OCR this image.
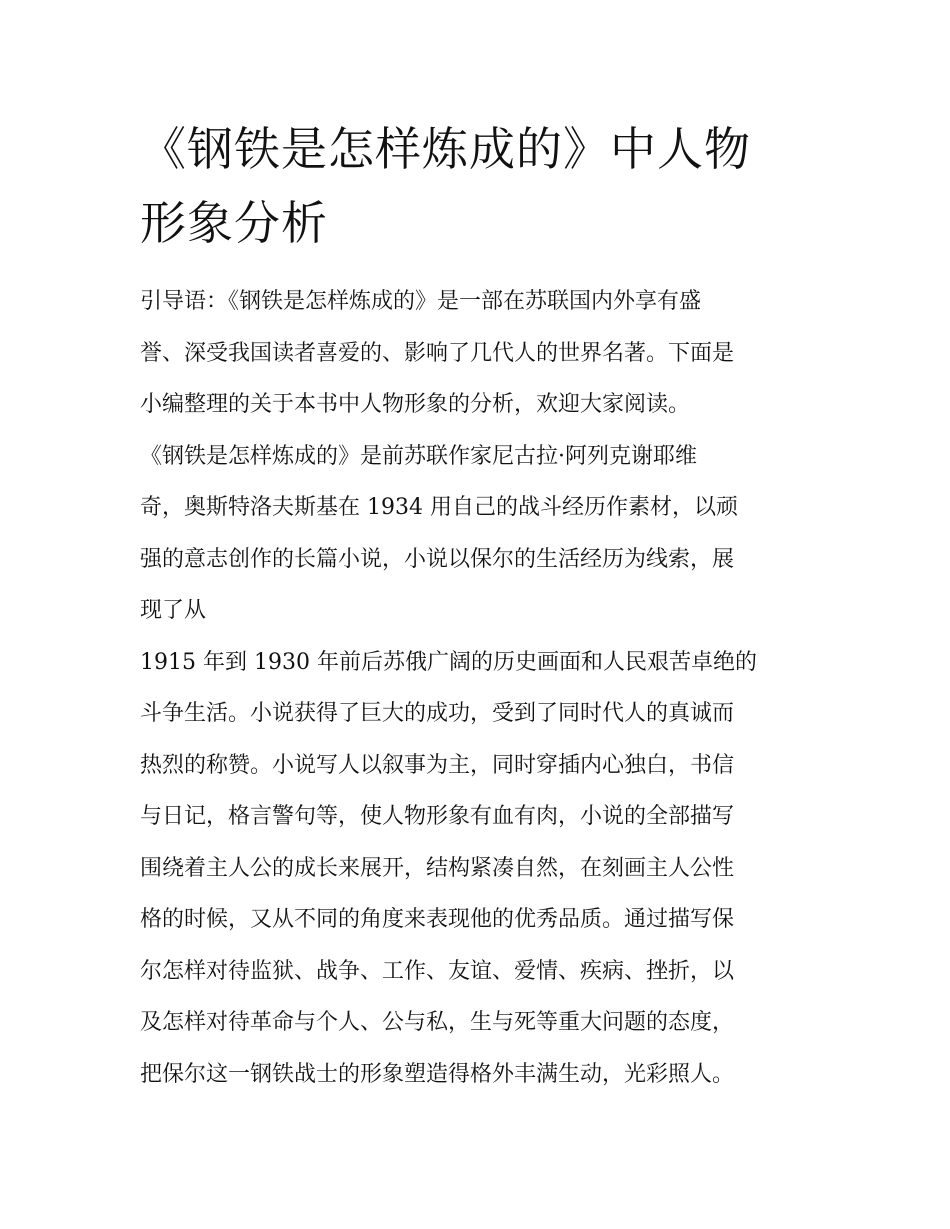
《钢铁是怎样炼成的》中人物
形象分析
引导语：《钢铁是怎样炼成的》是一部在苏联国内外享有盛
誉、深受我国读者喜爱的、影响了几代人的世界名著。下面是
小编整理的关于本书中人物形象的分析，欢迎大家阅读。
《钢铁是怎样炼成的》是前苏联作家尼古拉·阿列克谢耶维
奇，奥斯特洛夫斯基在 1934 用自己的战斗经历作素材，以顽
强的意志创作的长篇小说，小说以保尔的生活经历为线索，展
现了从
1915 年到 1930 年前后苏俄广阔的历史画面和人民艰苦卓绝的
斗争生活。小说获得了巨大的成功，受到了同时代人的真诚而
热烈的称赞。小说写人以叙事为主，同时穿插内心独白，书信
与日记，格言警句等，使人物形象有血有肉，小说的全部描写
围绕着主人公的成长来展开，结构紧凑自然，在刻画主人公性
格的时候，又从不同的角度来表现他的优秀品质。通过描写保
尔怎样对待监狱、战争、工作、友谊、爱情、疾病、挫折，以
及怎样对待革命与个人、公与私，生与死等重大问题的态度，
把保尔这一钢铁战士的形象塑造得格外丰满生动，光彩照人。
